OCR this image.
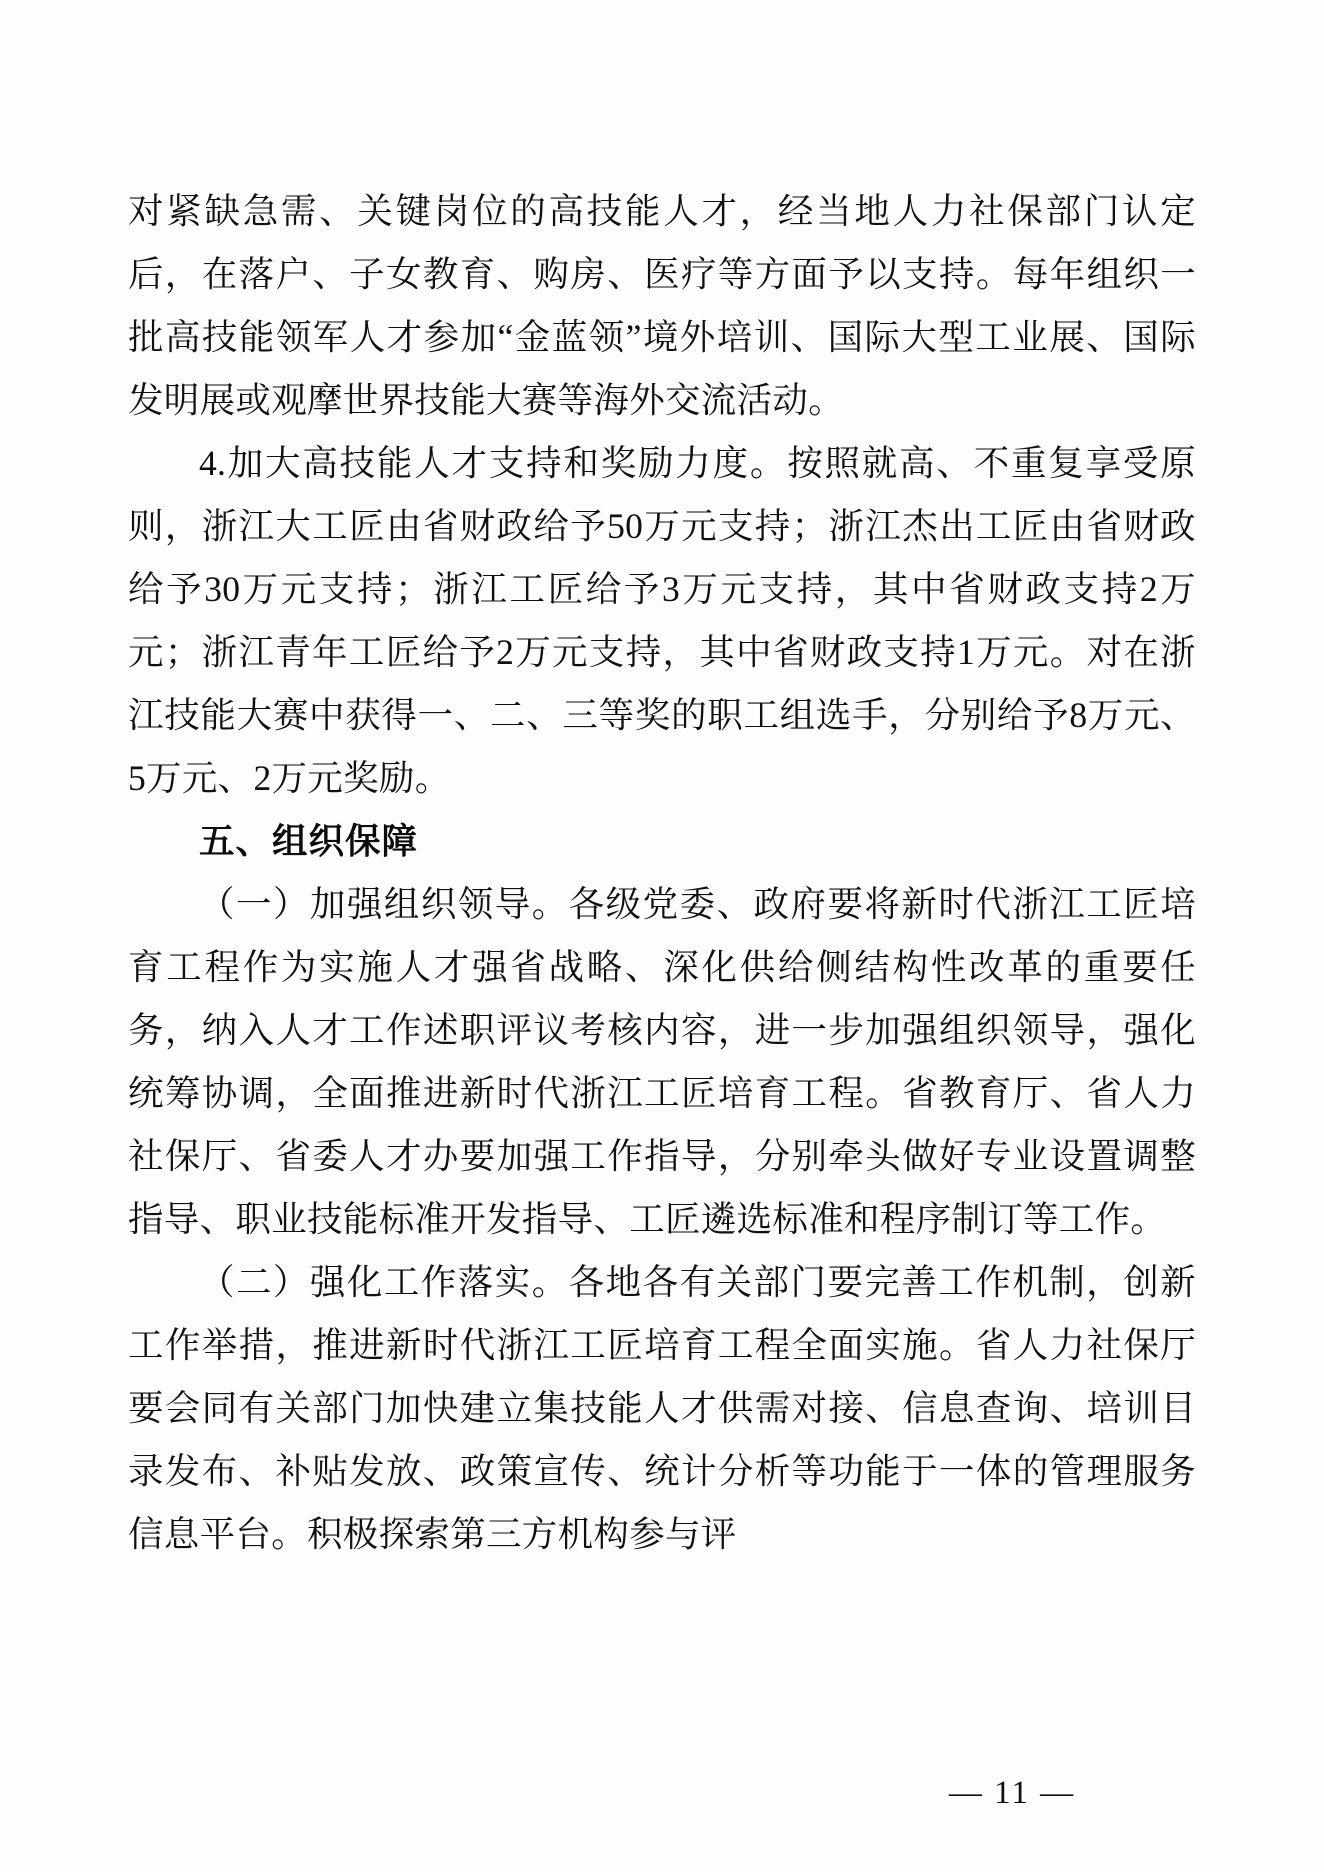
对紧缺急需、关键岗位的高技能人才，经当地人力社保部门认定后，在落户、子女教育、购房、医疗等方面予以支持。每年组织一批高技能领军人才参加“金蓝领”境外培训、国际大型工业展、国际发明展或观摩世界技能大赛等海外交流活动。

4.加大高技能人才支持和奖励力度。按照就高、不重复享受原则，浙江大工匠由省财政给予50万元支持；浙江杰出工匠由省财政给予30万元支持；浙江工匠给予3万元支持，其中省财政支持2万元；浙江青年工匠给予2万元支持，其中省财政支持1万元。对在浙江技能大赛中获得一、二、三等奖的职工组选手，分别给予8万元、5万元、2万元奖励。

五、组织保障

（一）加强组织领导。各级党委、政府要将新时代浙江工匠培育工程作为实施人才强省战略、深化供给侧结构性改革的重要任务，纳入人才工作述职评议考核内容，进一步加强组织领导，强化统筹协调，全面推进新时代浙江工匠培育工程。省教育厅、省人力社保厅、省委人才办要加强工作指导，分别牵头做好专业设置调整指导、职业技能标准开发指导、工匠遴选标准和程序制订等工作。

（二）强化工作落实。各地各有关部门要完善工作机制，创新工作举措，推进新时代浙江工匠培育工程全面实施。省人力社保厅要会同有关部门加快建立集技能人才供需对接、信息查询、培训目录发布、补贴发放、政策宣传、统计分析等功能于一体的管理服务信息平台。积极探索第三方机构参与评

— 11 —
